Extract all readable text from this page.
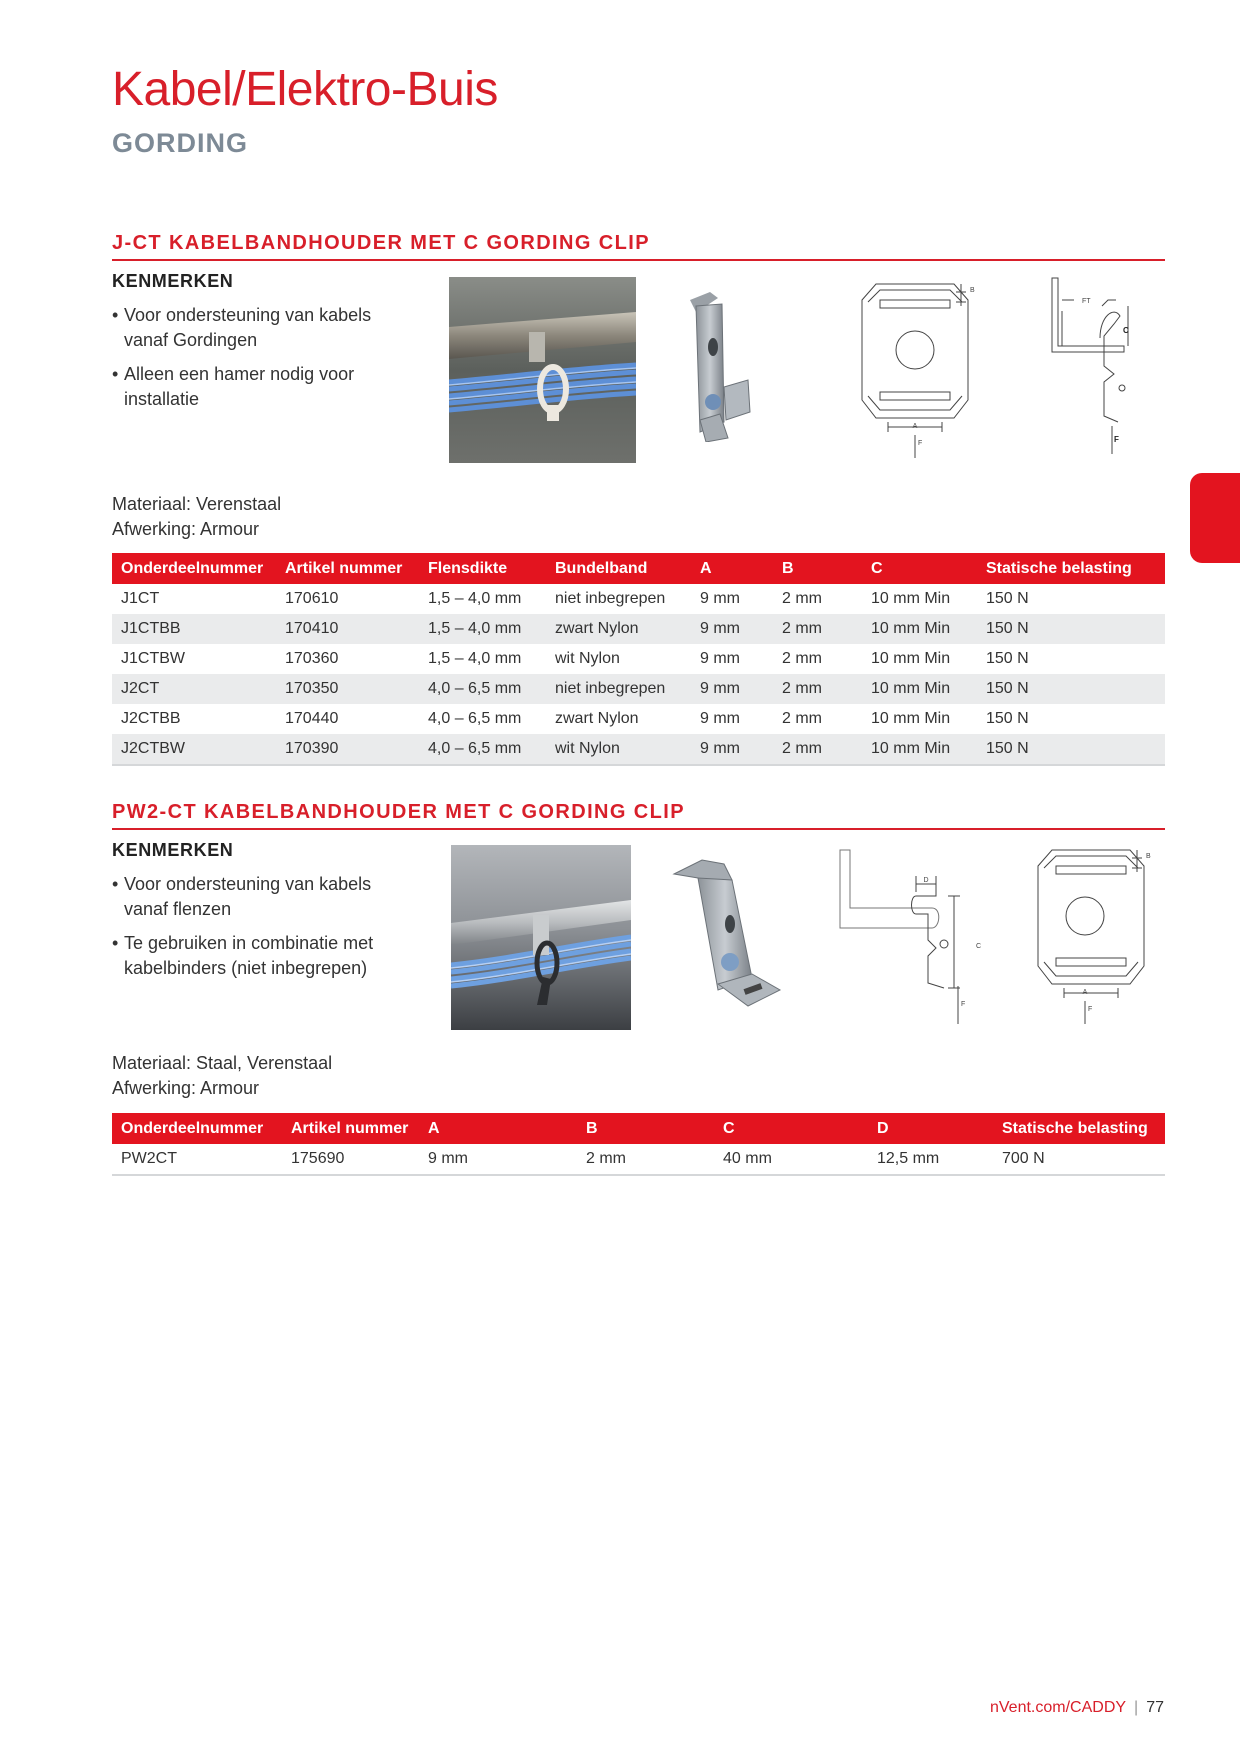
Kabel/Elektro-Buis
GORDING
J-CT KABELBANDHOUDER MET C GORDING CLIP
KENMERKEN
• Voor ondersteuning van kabels vanaf Gordingen
• Alleen een hamer nodig voor installatie
A
B
F
FT
C
F
Materiaal: Verenstaal
Afwerking: Armour
Onderdeelnummer	Artikel nummer	Flensdikte	Bundelband	A	B	C	Statische belasting
J1CT	170610	1,5 – 4,0 mm	niet inbegrepen	9 mm	2 mm	10 mm Min	150 N
J1CTBB	170410	1,5 – 4,0 mm	zwart Nylon	9 mm	2 mm	10 mm Min	150 N
J1CTBW	170360	1,5 – 4,0 mm	wit Nylon	9 mm	2 mm	10 mm Min	150 N
J2CT	170350	4,0 – 6,5 mm	niet inbegrepen	9 mm	2 mm	10 mm Min	150 N
J2CTBB	170440	4,0 – 6,5 mm	zwart Nylon	9 mm	2 mm	10 mm Min	150 N
J2CTBW	170390	4,0 – 6,5 mm	wit Nylon	9 mm	2 mm	10 mm Min	150 N
PW2-CT KABELBANDHOUDER MET C GORDING CLIP
KENMERKEN
• Voor ondersteuning van kabels vanaf flenzen
• Te gebruiken in combinatie met kabelbinders (niet inbegrepen)
D
C
F
A
B
F
Materiaal: Staal, Verenstaal
Afwerking: Armour
Onderdeelnummer	Artikel nummer	A	B	C	D	Statische belasting
PW2CT	175690	9 mm	2 mm	40 mm	12,5 mm	700 N
nVent.com/CADDY | 77
